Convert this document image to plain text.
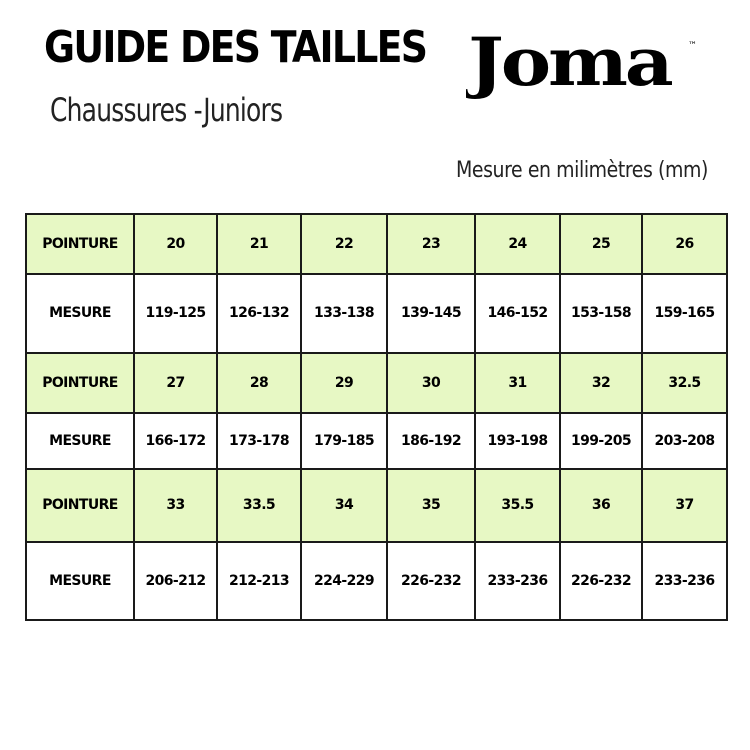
GUIDE DES TAILLES
Chaussures -Juniors
Joma ™

Mesure en milimètres (mm)

POINTURE	20	21	22	23	24	25	26
MESURE	119-125	126-132	133-138	139-145	146-152	153-158	159-165
POINTURE	27	28	29	30	31	32	32.5
MESURE	166-172	173-178	179-185	186-192	193-198	199-205	203-208
POINTURE	33	33.5	34	35	35.5	36	37
MESURE	206-212	212-213	224-229	226-232	233-236	226-232	233-236
